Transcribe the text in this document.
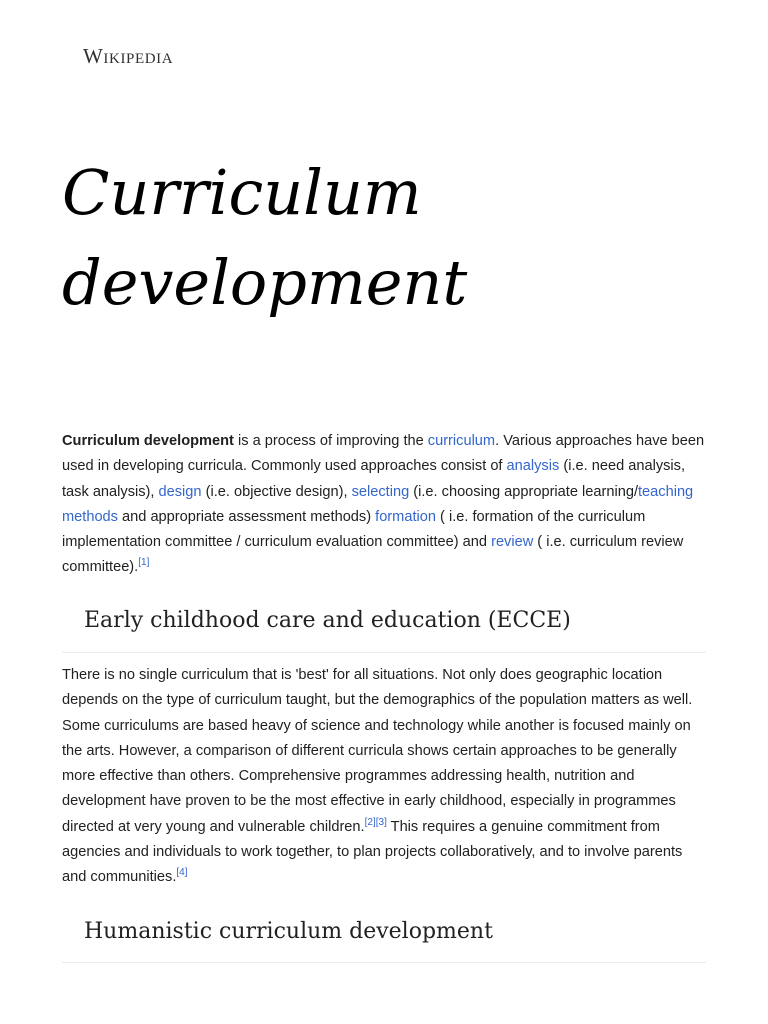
Wikipedia
Curriculum development

Curriculum development is a process of improving the curriculum. Various approaches have been used in developing curricula. Commonly used approaches consist of analysis (i.e. need analysis, task analysis), design (i.e. objective design), selecting (i.e. choosing appropriate learning/teaching methods and appropriate assessment methods) formation ( i.e. formation of the curriculum implementation committee / curriculum evaluation committee) and review ( i.e. curriculum review committee).[1]

Early childhood care and education (ECCE)

There is no single curriculum that is 'best' for all situations. Not only does geographic location depends on the type of curriculum taught, but the demographics of the population matters as well. Some curriculums are based heavy of science and technology while another is focused mainly on the arts. However, a comparison of different curricula shows certain approaches to be generally more effective than others. Comprehensive programmes addressing health, nutrition and development have proven to be the most effective in early childhood, especially in programmes directed at very young and vulnerable children.[2][3] This requires a genuine commitment from agencies and individuals to work together, to plan projects collaboratively, and to involve parents and communities.[4]

Humanistic curriculum development
